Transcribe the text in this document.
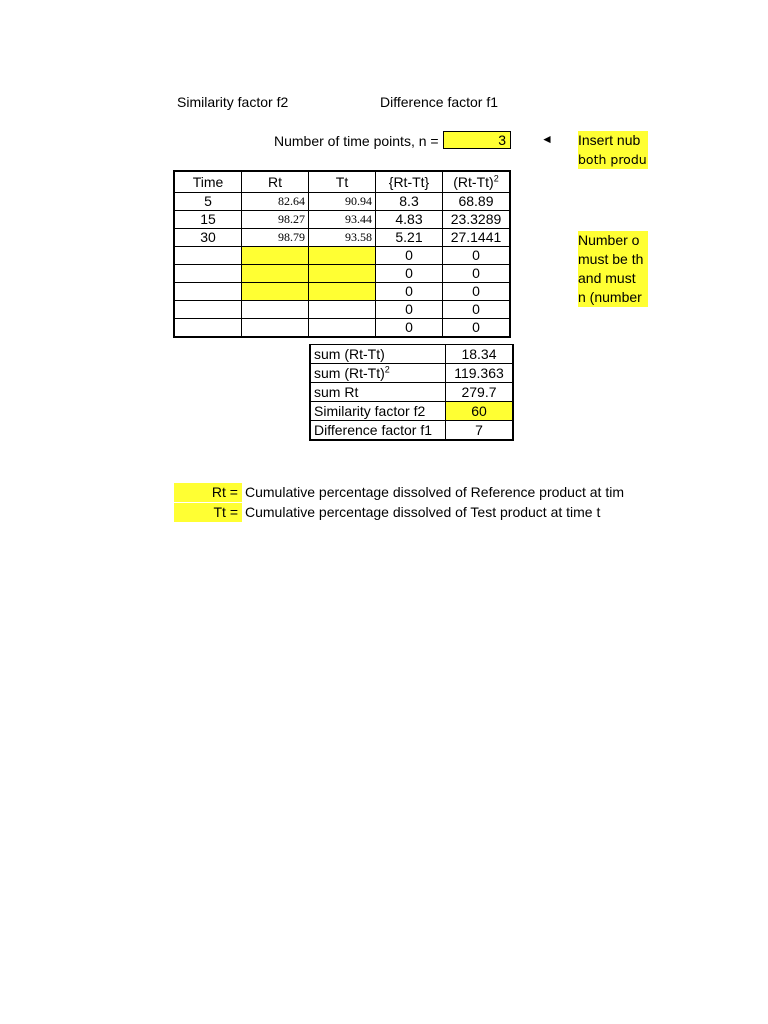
Similarity factor f2	Difference factor f1
Number of time points, n =	3	◄ Insert nub
both produ
Number o
must be th
and must
n (number
Time	Rt	Tt	{Rt-Tt}	$(Rt-Tt)^2$
5	82.64	90.94	8.3	68.89
15	98.27	93.44	4.83	23.3289
30	98.79	93.58	5.21	27.1441
			0	0
			0	0
			0	0
			0	0
			0	0
sum (Rt-Tt)	18.34
sum $(Rt-Tt)^2$	119.363
sum Rt	279.7
Similarity factor f2	60
Difference factor f1	7
Rt = Cumulative percentage dissolved of Reference product at tim
Tt = Cumulative percentage dissolved of Test product at time t
